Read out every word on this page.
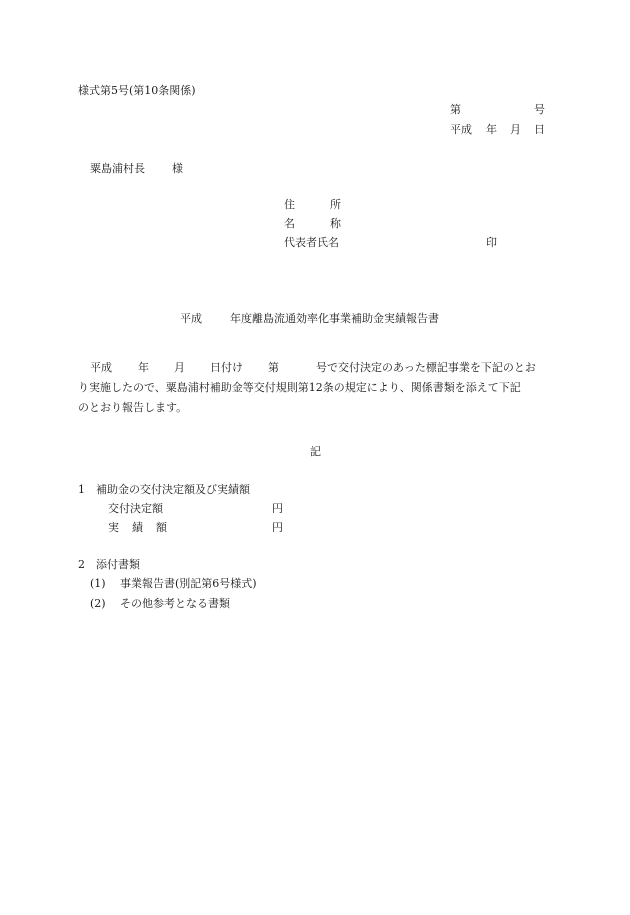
様式第5号(第10条関係)
第	号
平成 年 月 日
粟島浦村長 様
住	所
名	称
代表者氏名	印
平成	年度離島流通効率化事業補助金実績報告書
平成 年 月 日付け 第	号で交付決定のあった標記事業を下記のとお
り実施したので、粟島浦村補助金等交付規則第12条の規定により、関係書類を添えて下記
のとおり報告します。
記
1 補助金の交付決定額及び実績額
交付決定額	円
実 績 額	円
2 添付書類
(1) 事業報告書(別記第6号様式)
(2) その他参考となる書類
